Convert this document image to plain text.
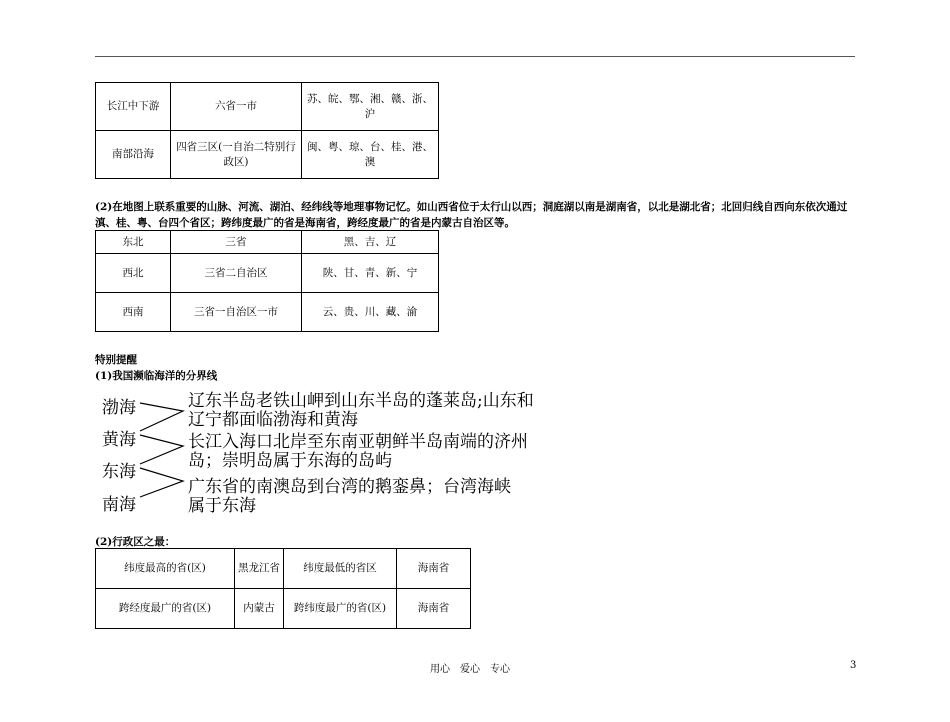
长江中下游	六省一市	苏、皖、鄂、湘、赣、浙、沪
南部沿海	四省三区(一自治二特别行政区)	闽、粤、琼、台、桂、港、澳
(2)在地图上联系重要的山脉、河流、湖泊、经纬线等地理事物记忆。如山西省位于太行山以西；洞庭湖以南是湖南省，以北是湖北省；北回归线自西向东依次通过滇、桂、粤、台四个省区；跨纬度最广的省是海南省，跨经度最广的省是内蒙古自治区等。
东北	三省	黑、吉、辽
西北	三省二自治区	陕、甘、青、新、宁
西南	三省一自治区一市	云、贵、川、藏、渝
特别提醒
(1)我国濒临海洋的分界线
渤海
黄海
东海
南海
辽东半岛老铁山岬到山东半岛的蓬莱岛;山东和
辽宁都面临渤海和黄海
长江入海口北岸至东南亚朝鲜半岛南端的济州
岛；崇明岛属于东海的岛屿
广东省的南澳岛到台湾的鹅銮鼻；台湾海峡
属于东海
(2)行政区之最：
纬度最高的省(区)	黑龙江省	纬度最低的省区	海南省
跨经度最广的省(区)	内蒙古	跨纬度最广的省(区)	海南省
用心　爱心　专心	3
